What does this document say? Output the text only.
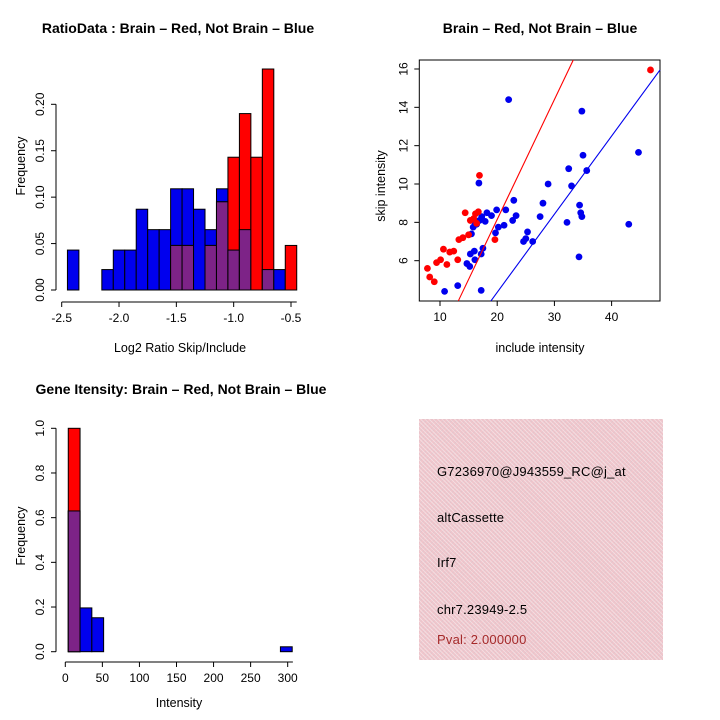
RatioData : Brain – Red, Not Brain – Blue
Log2 Ratio Skip/Include
Frequency
-2.5	-2.0	-1.5	-1.0	-0.5
0.00
0.05
0.10
0.15
0.20
Brain – Red, Not Brain – Blue
include intensity
skip intensity
10	20	30	40
6
8
10
12
14
16
Gene Itensity: Brain – Red, Not Brain – Blue
Intensity
Frequency
0 50 100 150 200 250 300
0.0
0.2
0.4
0.6
0.8
1.0
G7236970@J943559_RC@j_at
altCassette
Irf7
chr7.23949-2.5
Pval: 2.000000
